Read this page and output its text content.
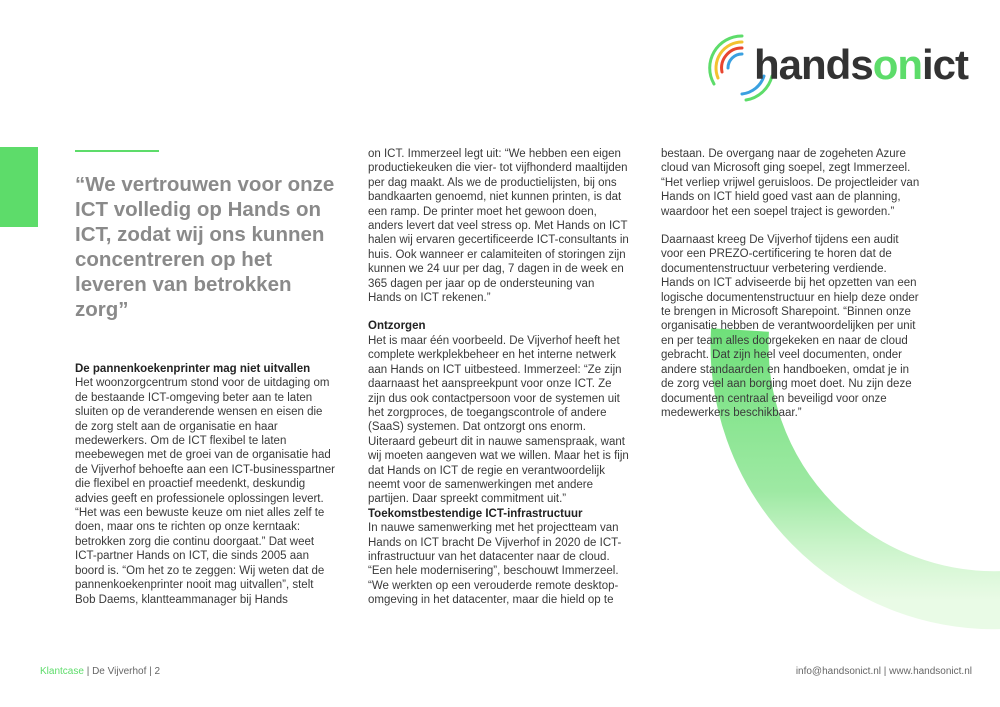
handsonict

“We vertrouwen voor onze ICT volledig op Hands on ICT, zodat wij ons kunnen concentreren op het leveren van betrokken zorg”

De pannenkoekenprinter mag niet uitvallen

Het woonzorgcentrum stond voor de uitdaging om de bestaande ICT-omgeving beter aan te laten sluiten op de veranderende wensen en eisen die de zorg stelt aan de organisatie en haar medewerkers. Om de ICT flexibel te laten meebewegen met de groei van de organisatie had de Vijverhof behoefte aan een ICT-businesspartner die flexibel en proactief meedenkt, deskundig advies geeft en professionele oplossingen levert. “Het was een bewuste keuze om niet alles zelf te doen, maar ons te richten op onze kerntaak: betrokken zorg die continu doorgaat.” Dat weet ICT-partner Hands on ICT, die sinds 2005 aan boord is. “Om het zo te zeggen: Wij weten dat de pannenkoekenprinter nooit mag uitvallen”, stelt Bob Daems, klantteammanager bij Hands

on ICT. Immerzeel legt uit: “We hebben een eigen productiekeuken die vier- tot vijfhonderd maaltijden per dag maakt. Als we de productielijsten, bij ons bandkaarten genoemd, niet kunnen printen, is dat een ramp. De printer moet het gewoon doen, anders levert dat veel stress op. Met Hands on ICT halen wij ervaren gecertificeerde ICT-consultants in huis. Ook wanneer er calamiteiten of storingen zijn kunnen we 24 uur per dag, 7 dagen in de week en 365 dagen per jaar op de ondersteuning van Hands on ICT rekenen.”

Ontzorgen

Het is maar één voorbeeld. De Vijverhof heeft het complete werkplekbeheer en het interne netwerk aan Hands on ICT uitbesteed. Immerzeel: “Ze zijn daarnaast het aanspreekpunt voor onze ICT. Ze zijn dus ook contactpersoon voor de systemen uit het zorgproces, de toegangscontrole of andere (SaaS) systemen. Dat ontzorgt ons enorm. Uiteraard gebeurt dit in nauwe samenspraak, want wij moeten aangeven wat we willen. Maar het is fijn dat Hands on ICT de regie en verantwoordelijk neemt voor de samenwerkingen met andere partijen. Daar spreekt commitment uit.”

Toekomstbestendige ICT-infrastructuur

In nauwe samenwerking met het projectteam van Hands on ICT bracht De Vijverhof in 2020 de ICT-infrastructuur van het datacenter naar de cloud. “Een hele modernisering”, beschouwt Immerzeel. “We werkten op een verouderde remote desktop-omgeving in het datacenter, maar die hield op te

bestaan. De overgang naar de zogeheten Azure cloud van Microsoft ging soepel, zegt Immerzeel. “Het verliep vrijwel geruisloos. De projectleider van Hands on ICT hield goed vast aan de planning, waardoor het een soepel traject is geworden.”

Daarnaast kreeg De Vijverhof tijdens een audit voor een PREZO-certificering te horen dat de documentenstructuur verbetering verdiende. Hands on ICT adviseerde bij het opzetten van een logische documentenstructuur en hielp deze onder te brengen in Microsoft Sharepoint. “Binnen onze organisatie hebben de verantwoordelijken per unit en per team alles doorgekeken en naar de cloud gebracht. Dat zijn heel veel documenten, onder andere standaarden en handboeken, omdat je in de zorg veel aan borging moet doet. Nu zijn deze documenten centraal en beveiligd voor onze medewerkers beschikbaar.”

Klantcase | De Vijverhof | 2	info@handsonict.nl | www.handsonict.nl
